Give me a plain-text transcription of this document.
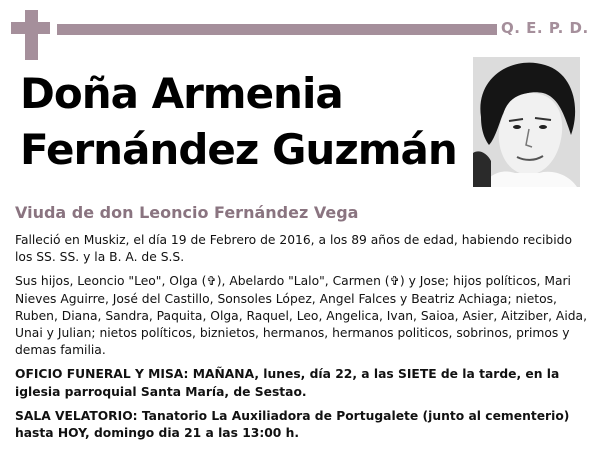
Q. E. P. D.
Doña Armenia
Fernández Guzmán
Viuda de don Leoncio Fernández Vega

Falleció en Muskiz, el día 19 de Febrero de 2016, a los 89 años de edad, habiendo recibido los SS. SS. y la B. A. de S.S.

Sus hijos, Leoncio "Leo", Olga (✞), Abelardo "Lalo", Carmen (✞) y Jose; hijos políticos, Mari Nieves Aguirre, José del Castillo, Sonsoles López, Angel Falces y Beatriz Achiaga; nietos, Ruben, Diana, Sandra, Paquita, Olga, Raquel, Leo, Angelica, Ivan, Saioa, Asier, Aitziber, Aida, Unai y Julian; nietos políticos, biznietos, hermanos, hermanos politicos, sobrinos, primos y demas familia.

OFICIO FUNERAL Y MISA: MAÑANA, lunes, día 22, a las SIETE de la tarde, en la iglesia parroquial Santa María, de Sestao.

SALA VELATORIO: Tanatorio La Auxiliadora de Portugalete (junto al cementerio) hasta HOY, domingo dia 21 a las 13:00 h.
